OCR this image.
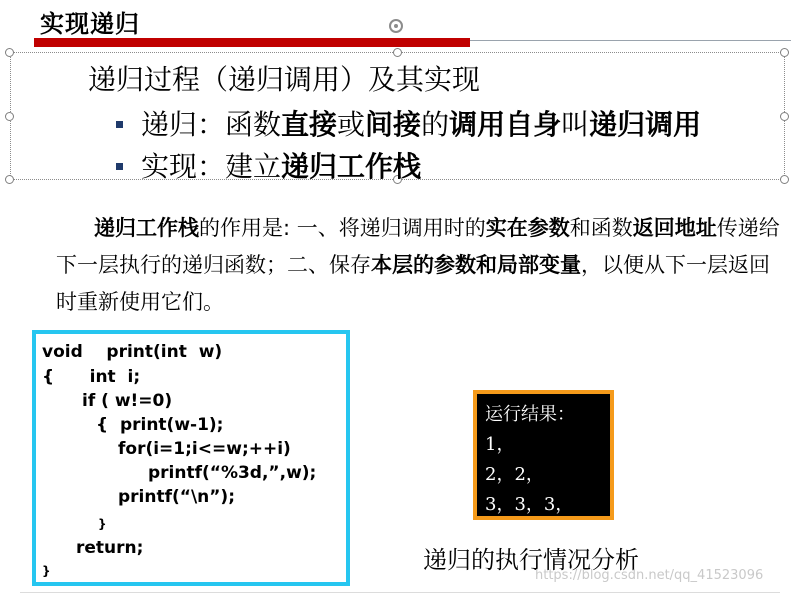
实现递归
递归过程（递归调用）及其实现
递归：函数直接或间接的调用自身叫递归调用
实现：建立递归工作栈
递归工作栈的作用是: 一、将递归调用时的实在参数和函数返回地址传递给下一层执行的递归函数；二、保存本层的参数和局部变量，以便从下一层返回时重新使用它们。
void    print(int  w)
{      int  i;
if ( w!=0)
{  print(w-1);
for(i=1;i<=w;++i)
printf(“%3d,”,w);
printf(“\n”);
}
return;
}
运行结果：
1，
2，2，
3，3，3，
递归的执行情况分析
https://blog.csdn.net/qq_41523096
